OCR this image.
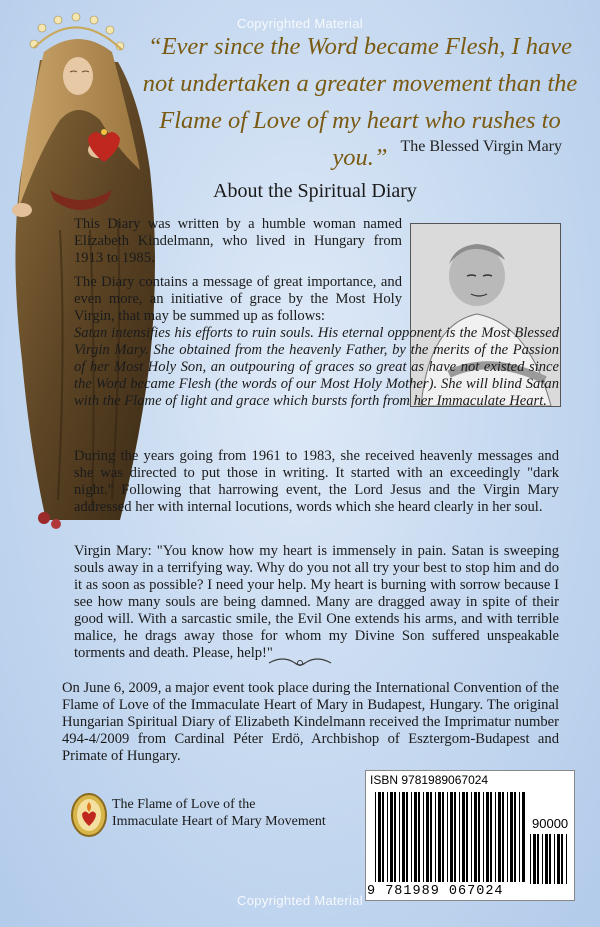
Copyrighted Material
“Ever since the Word became Flesh, I have not undertaken a greater movement than the Flame of Love of my heart who rushes to you.” The Blessed Virgin Mary
About the Spiritual Diary
This Diary was written by a humble woman named Elizabeth Kindelmann, who lived in Hungary from 1913 to 1985.
The Diary contains a message of great importance, and even more, an initiative of grace by the Most Holy Virgin, that may be summed up as follows:
Satan intensifies his efforts to ruin souls. His eternal opponent is the Most Blessed Virgin Mary. She obtained from the heavenly Father, by the merits of the Passion of her Most Holy Son, an outpouring of graces so great as have not existed since the Word became Flesh (the words of our Most Holy Mother). She will blind Satan with the Flame of light and grace which bursts forth from her Immaculate Heart.
During the years going from 1961 to 1983, she received heavenly messages and she was directed to put those in writing. It started with an exceedingly "dark night." Following that harrowing event, the Lord Jesus and the Virgin Mary addressed her with internal locutions, words which she heard clearly in her soul.
Virgin Mary: "You know how my heart is immensely in pain. Satan is sweeping souls away in a terrifying way. Why do you not all try your best to stop him and do it as soon as possible? I need your help. My heart is burning with sorrow because I see how many souls are being damned. Many are dragged away in spite of their good will. With a sarcastic smile, the Evil One extends his arms, and with terrible malice, he drags away those for whom my Divine Son suffered unspeakable torments and death. Please, help!"
On June 6, 2009, a major event took place during the International Convention of the Flame of Love of the Immaculate Heart of Mary in Budapest, Hungary. The original Hungarian Spiritual Diary of Elizabeth Kindelmann received the Imprimatur number 494-4/2009 from Cardinal Péter Erdö, Archbishop of Esztergom-Budapest and Primate of Hungary.
The Flame of Love of the
Immaculate Heart of Mary Movement
ISBN 9781989067024
90000
9 781989 067024
Copyrighted Material
